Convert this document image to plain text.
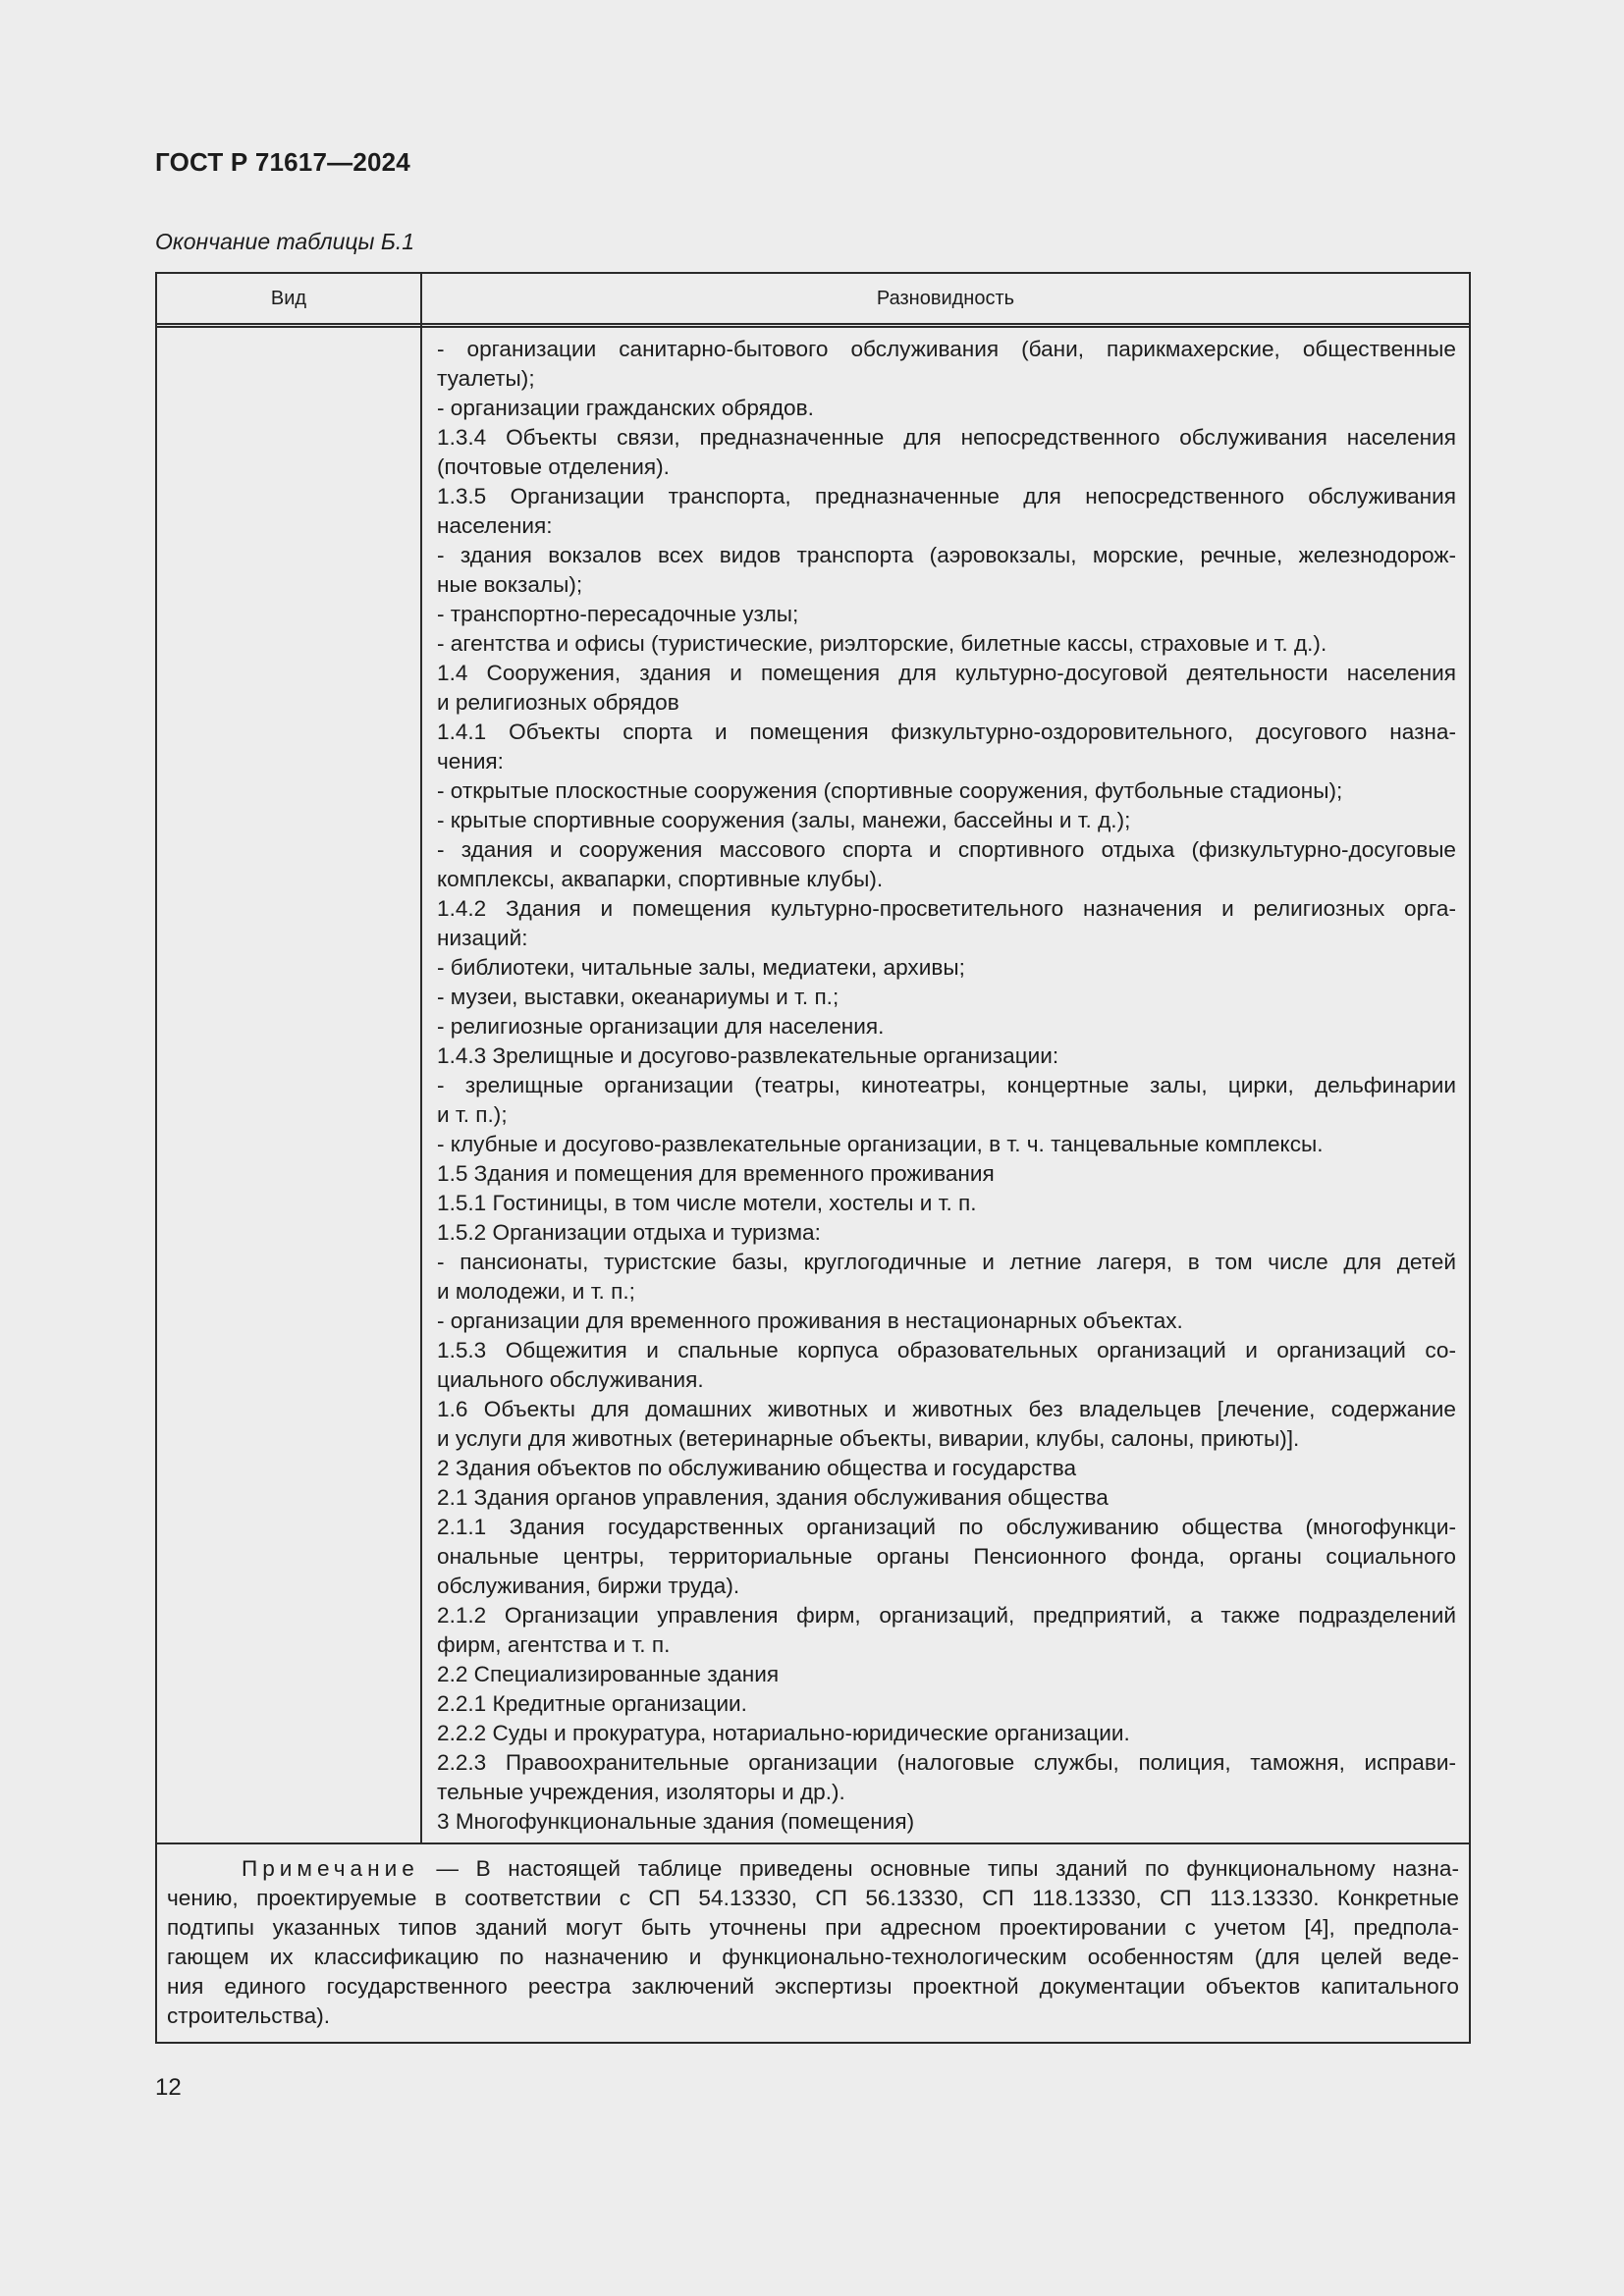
ГОСТ Р 71617—2024
Окончание таблицы Б.1
Вид	Разновидность
- организации санитарно-бытового обслуживания (бани, парикмахерские, общественные
туалеты);
- организации гражданских обрядов.
1.3.4 Объекты связи, предназначенные для непосредственного обслуживания населения
(почтовые отделения).
1.3.5 Организации транспорта, предназначенные для непосредственного обслуживания
населения:
- здания вокзалов всех видов транспорта (аэровокзалы, морские, речные, железнодорож-
ные вокзалы);
- транспортно-пересадочные узлы;
- агентства и офисы (туристические, риэлторские, билетные кассы, страховые и т. д.).
1.4 Сооружения, здания и помещения для культурно-досуговой деятельности населения
и религиозных обрядов
1.4.1 Объекты спорта и помещения физкультурно-оздоровительного, досугового назна-
чения:
- открытые плоскостные сооружения (спортивные сооружения, футбольные стадионы);
- крытые спортивные сооружения (залы, манежи, бассейны и т. д.);
- здания и сооружения массового спорта и спортивного отдыха (физкультурно-досуговые
комплексы, аквапарки, спортивные клубы).
1.4.2 Здания и помещения культурно-просветительного назначения и религиозных орга-
низаций:
- библиотеки, читальные залы, медиатеки, архивы;
- музеи, выставки, океанариумы и т. п.;
- религиозные организации для населения.
1.4.3 Зрелищные и досугово-развлекательные организации:
- зрелищные организации (театры, кинотеатры, концертные залы, цирки, дельфинарии
и т. п.);
- клубные и досугово-развлекательные организации, в т. ч. танцевальные комплексы.
1.5 Здания и помещения для временного проживания
1.5.1 Гостиницы, в том числе мотели, хостелы и т. п.
1.5.2 Организации отдыха и туризма:
- пансионаты, туристские базы, круглогодичные и летние лагеря, в том числе для детей
и молодежи, и т. п.;
- организации для временного проживания в нестационарных объектах.
1.5.3 Общежития и спальные корпуса образовательных организаций и организаций со-
циального обслуживания.
1.6 Объекты для домашних животных и животных без владельцев [лечение, содержание
и услуги для животных (ветеринарные объекты, виварии, клубы, салоны, приюты)].
2 Здания объектов по обслуживанию общества и государства
2.1 Здания органов управления, здания обслуживания общества
2.1.1 Здания государственных организаций по обслуживанию общества (многофункци-
ональные центры, территориальные органы Пенсионного фонда, органы социального
обслуживания, биржи труда).
2.1.2 Организации управления фирм, организаций, предприятий, а также подразделений
фирм, агентства и т. п.
2.2 Специализированные здания
2.2.1 Кредитные организации.
2.2.2 Суды и прокуратура, нотариально-юридические организации.
2.2.3 Правоохранительные организации (налоговые службы, полиция, таможня, исправи-
тельные учреждения, изоляторы и др.).
3 Многофункциональные здания (помещения)
Примечание — В настоящей таблице приведены основные типы зданий по функциональному назна-
чению, проектируемые в соответствии с СП 54.13330, СП 56.13330, СП 118.13330, СП 113.13330. Конкретные
подтипы указанных типов зданий могут быть уточнены при адресном проектировании с учетом [4], предпола-
гающем их классификацию по назначению и функционально-технологическим особенностям (для целей веде-
ния единого государственного реестра заключений экспертизы проектной документации объектов капитального
строительства).
12
